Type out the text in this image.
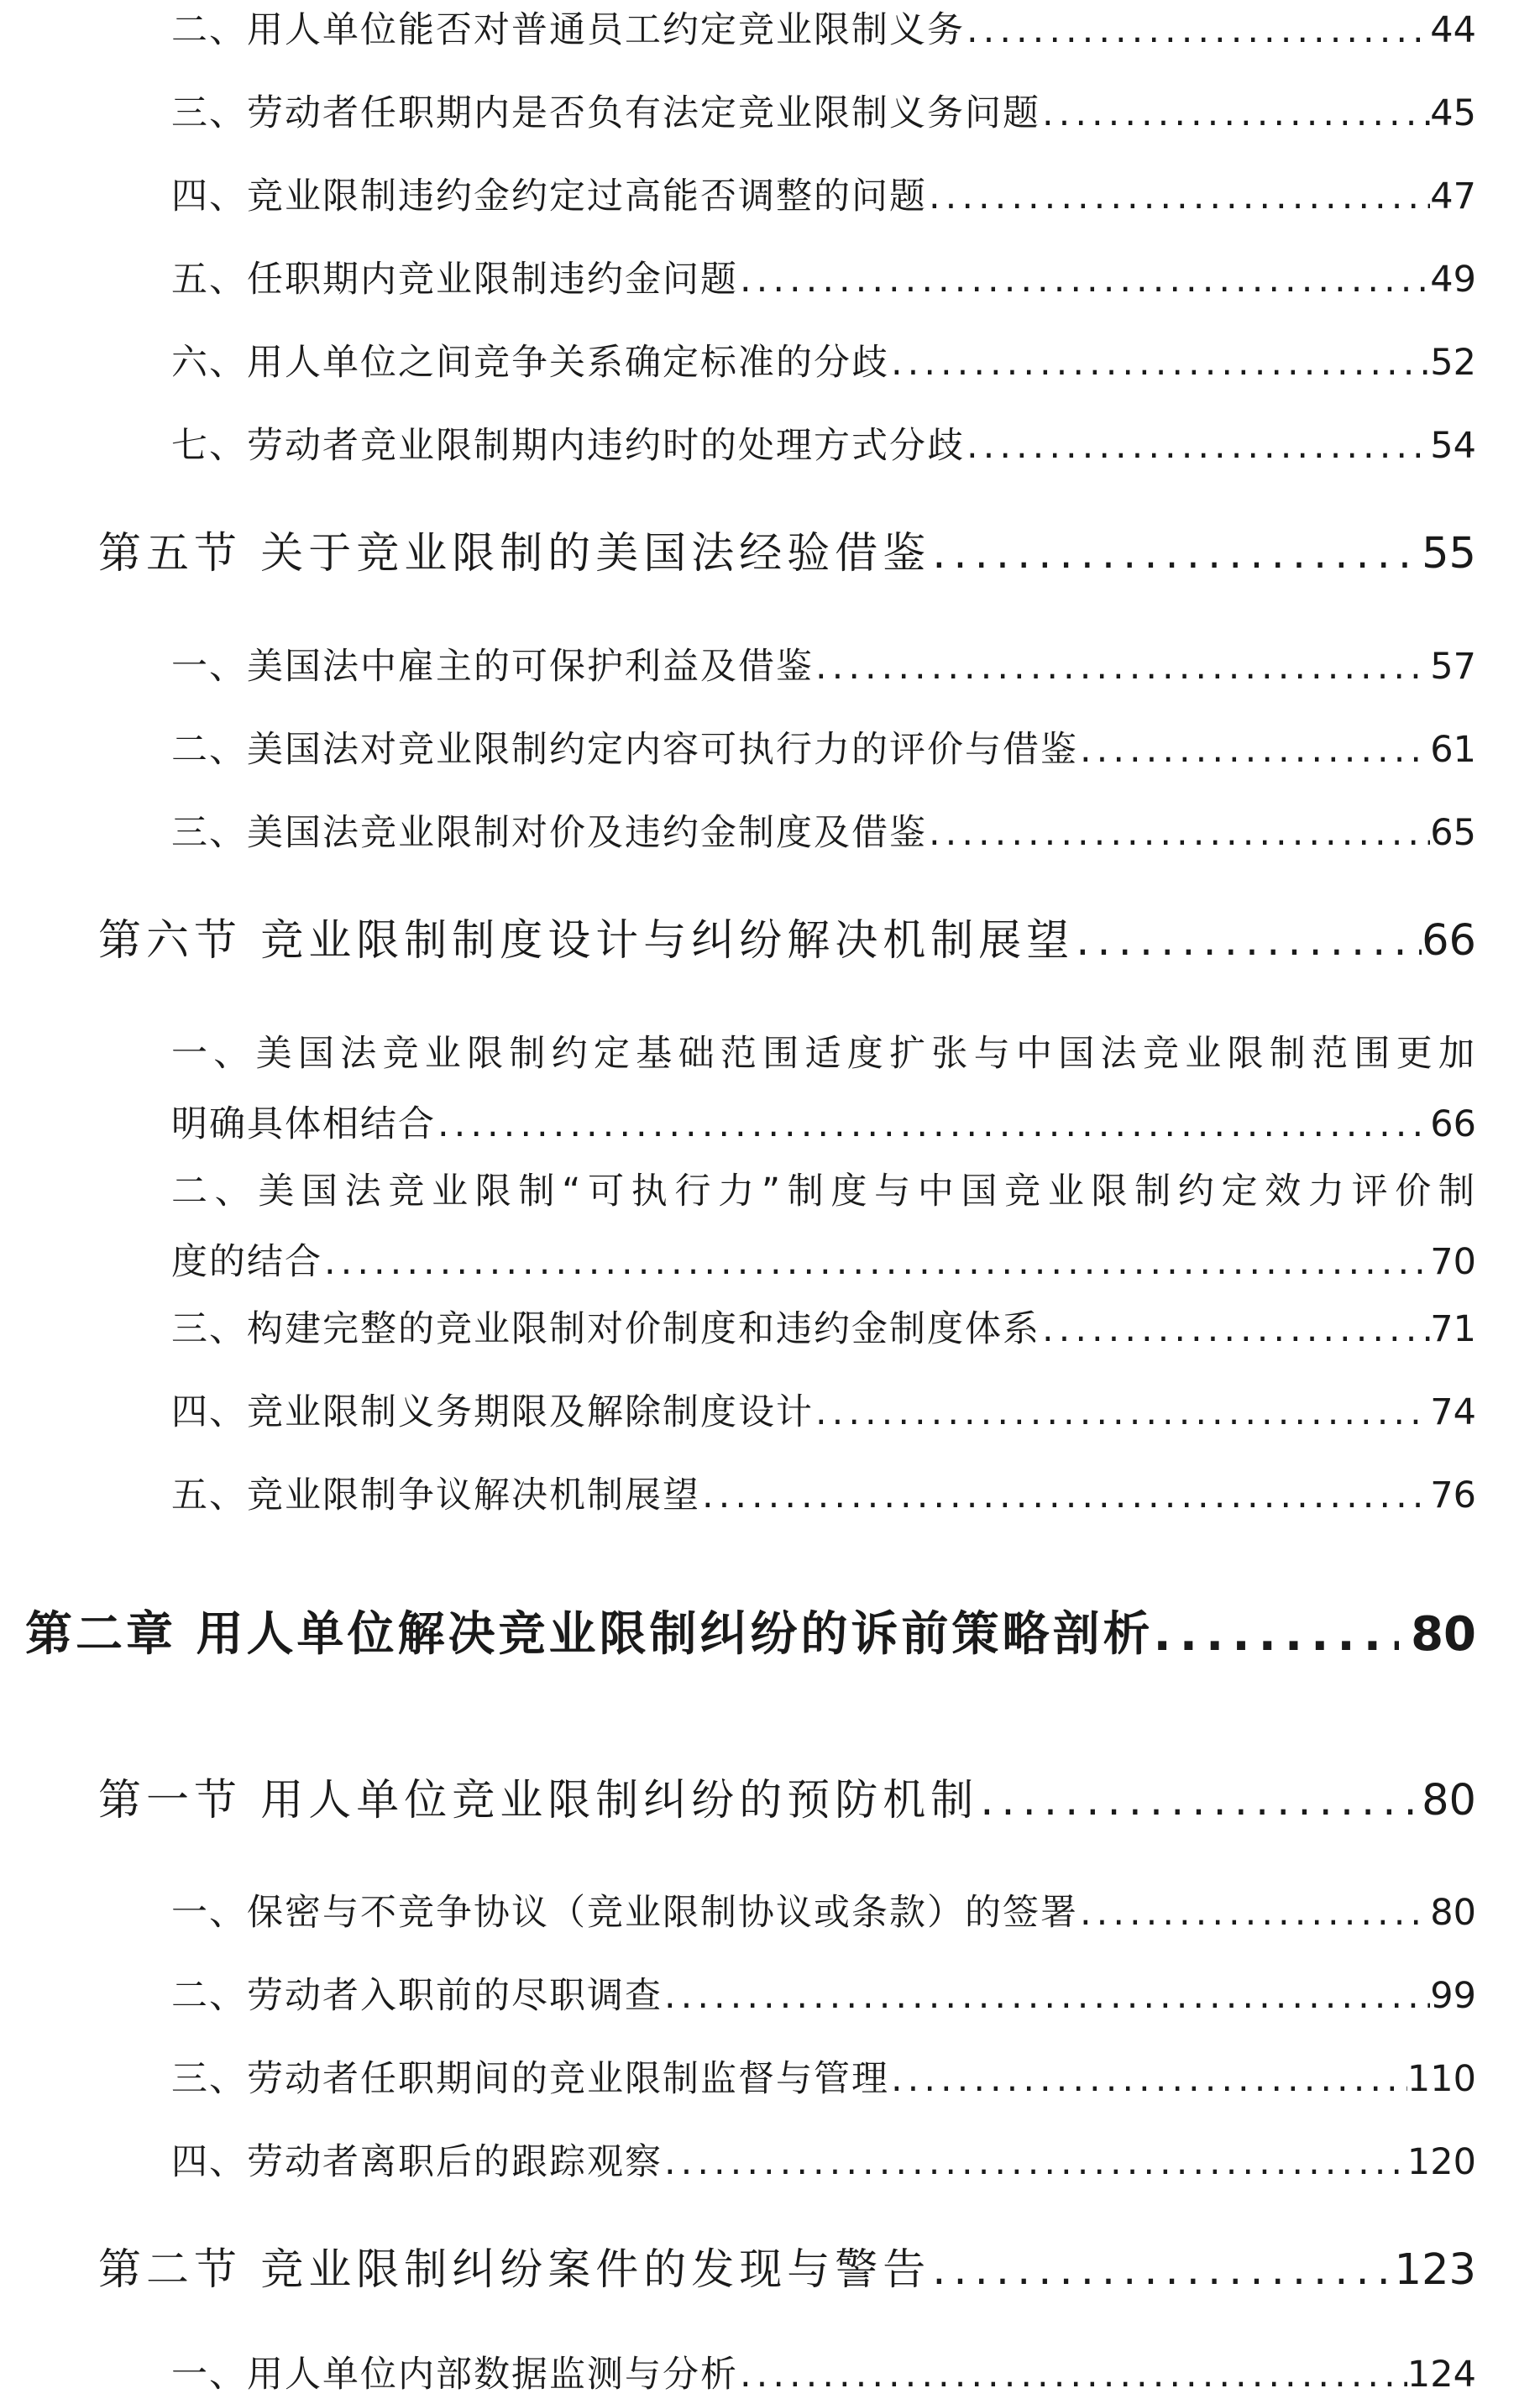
二、用人单位能否对普通员工约定竞业限制义务 .....	44
三、劳动者任职期内是否负有法定竞业限制义务问题 .....	45
四、竞业限制违约金约定过高能否调整的问题 .....	47
五、任职期内竞业限制违约金问题 .....	49
六、用人单位之间竞争关系确定标准的分歧 .....	52
七、劳动者竞业限制期内违约时的处理方式分歧 .....	54
第五节 关于竞业限制的美国法经验借鉴 .....	55
一、美国法中雇主的可保护利益及借鉴 .....	57
二、美国法对竞业限制约定内容可执行力的评价与借鉴 .....	61
三、美国法竞业限制对价及违约金制度及借鉴 .....	65
第六节 竞业限制制度设计与纠纷解决机制展望 .....	66
一、美国法竞业限制约定基础范围适度扩张与中国法竞业限制范围更加
明确具体相结合 .....	66
二、美国法竞业限制“可执行力”制度与中国竞业限制约定效力评价制
度的结合 .....	70
三、构建完整的竞业限制对价制度和违约金制度体系 .....	71
四、竞业限制义务期限及解除制度设计 .....	74
五、竞业限制争议解决机制展望 .....	76
第二章 用人单位解决竞业限制纠纷的诉前策略剖析 .....	80
第一节 用人单位竞业限制纠纷的预防机制 .....	80
一、保密与不竞争协议（竞业限制协议或条款）的签署 .....	80
二、劳动者入职前的尽职调查 .....	99
三、劳动者任职期间的竞业限制监督与管理 .....	110
四、劳动者离职后的跟踪观察 .....	120
第二节 竞业限制纠纷案件的发现与警告 .....	123
一、用人单位内部数据监测与分析 .....	124
